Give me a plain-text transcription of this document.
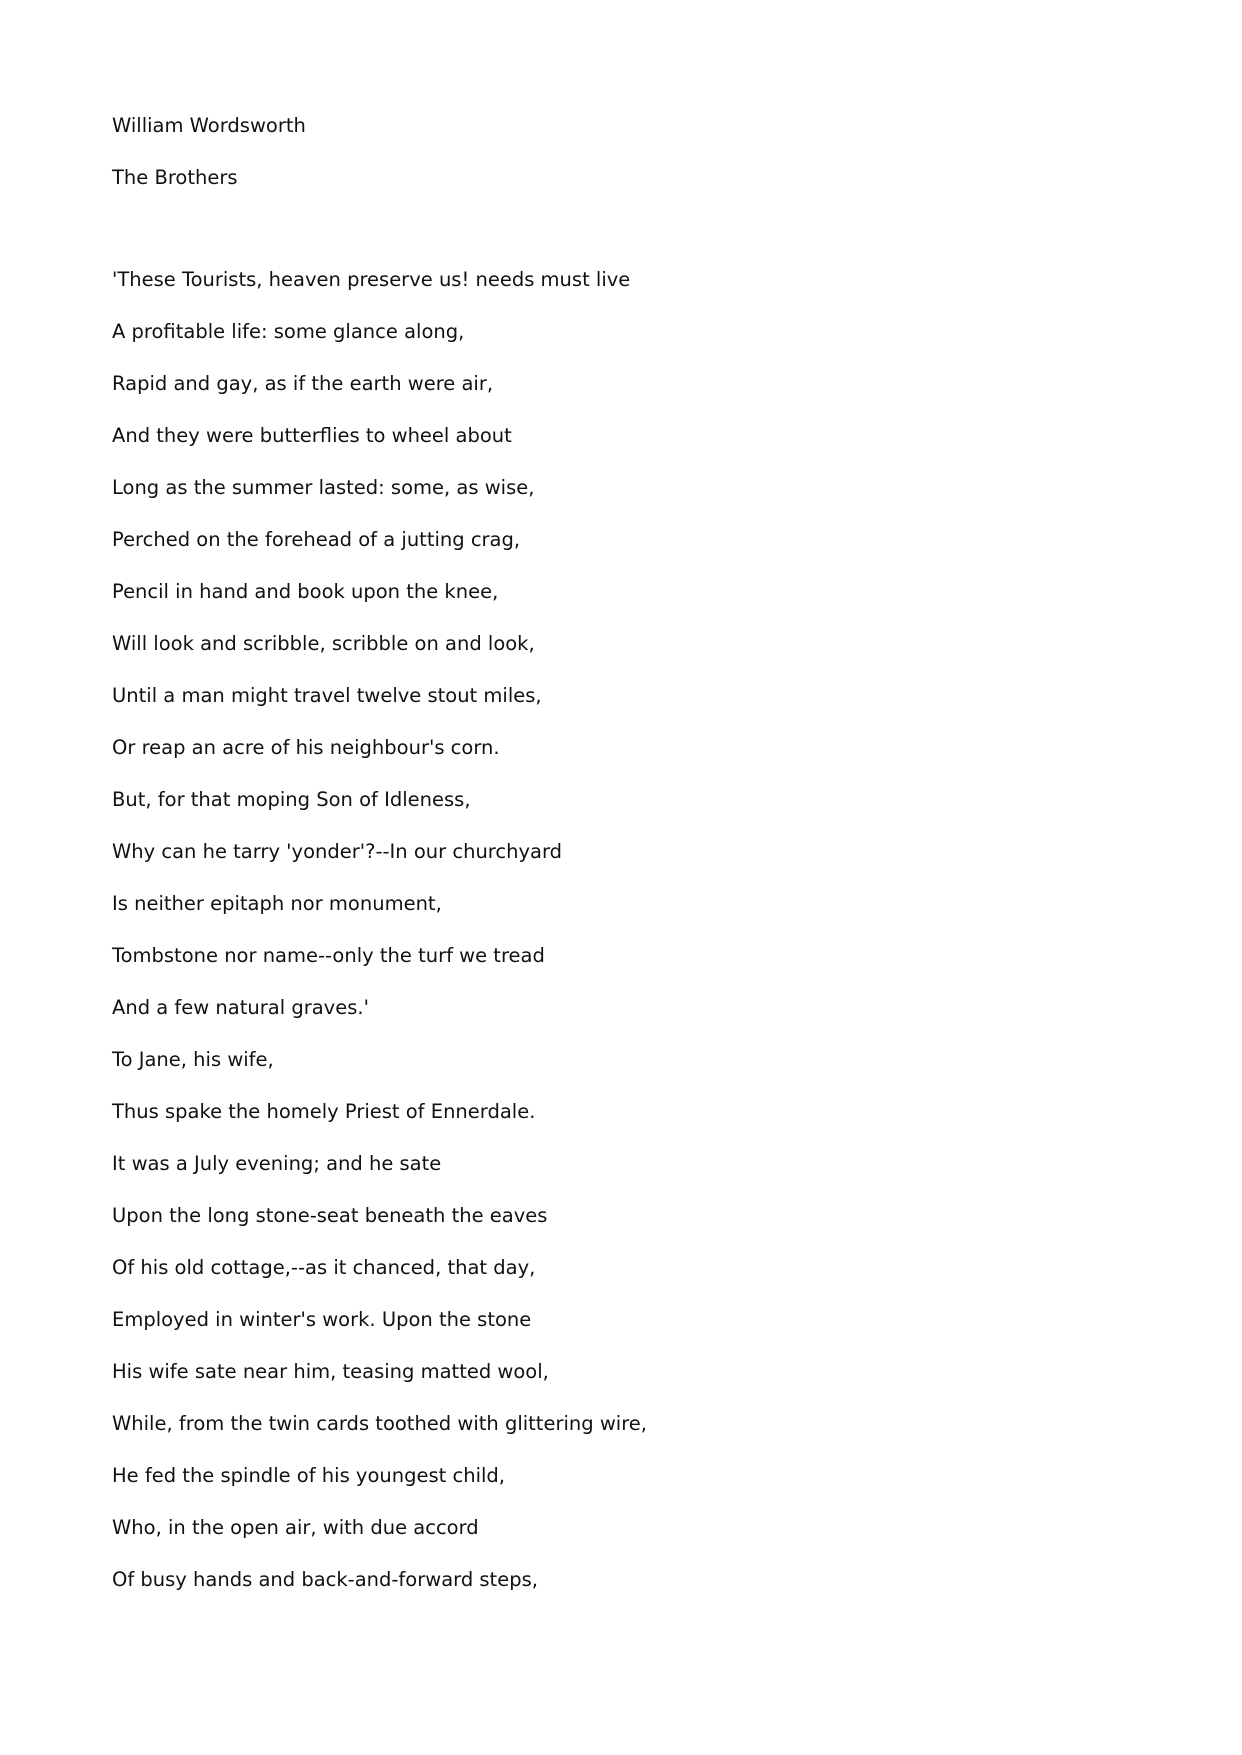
William Wordsworth

The Brothers

'These Tourists, heaven preserve us! needs must live

A profitable life: some glance along,

Rapid and gay, as if the earth were air,

And they were butterflies to wheel about

Long as the summer lasted: some, as wise,

Perched on the forehead of a jutting crag,

Pencil in hand and book upon the knee,

Will look and scribble, scribble on and look,

Until a man might travel twelve stout miles,

Or reap an acre of his neighbour's corn.

But, for that moping Son of Idleness,

Why can he tarry 'yonder'?--In our churchyard

Is neither epitaph nor monument,

Tombstone nor name--only the turf we tread

And a few natural graves.'

To Jane, his wife,

Thus spake the homely Priest of Ennerdale.

It was a July evening; and he sate

Upon the long stone-seat beneath the eaves

Of his old cottage,--as it chanced, that day,

Employed in winter's work. Upon the stone

His wife sate near him, teasing matted wool,

While, from the twin cards toothed with glittering wire,

He fed the spindle of his youngest child,

Who, in the open air, with due accord

Of busy hands and back-and-forward steps,
